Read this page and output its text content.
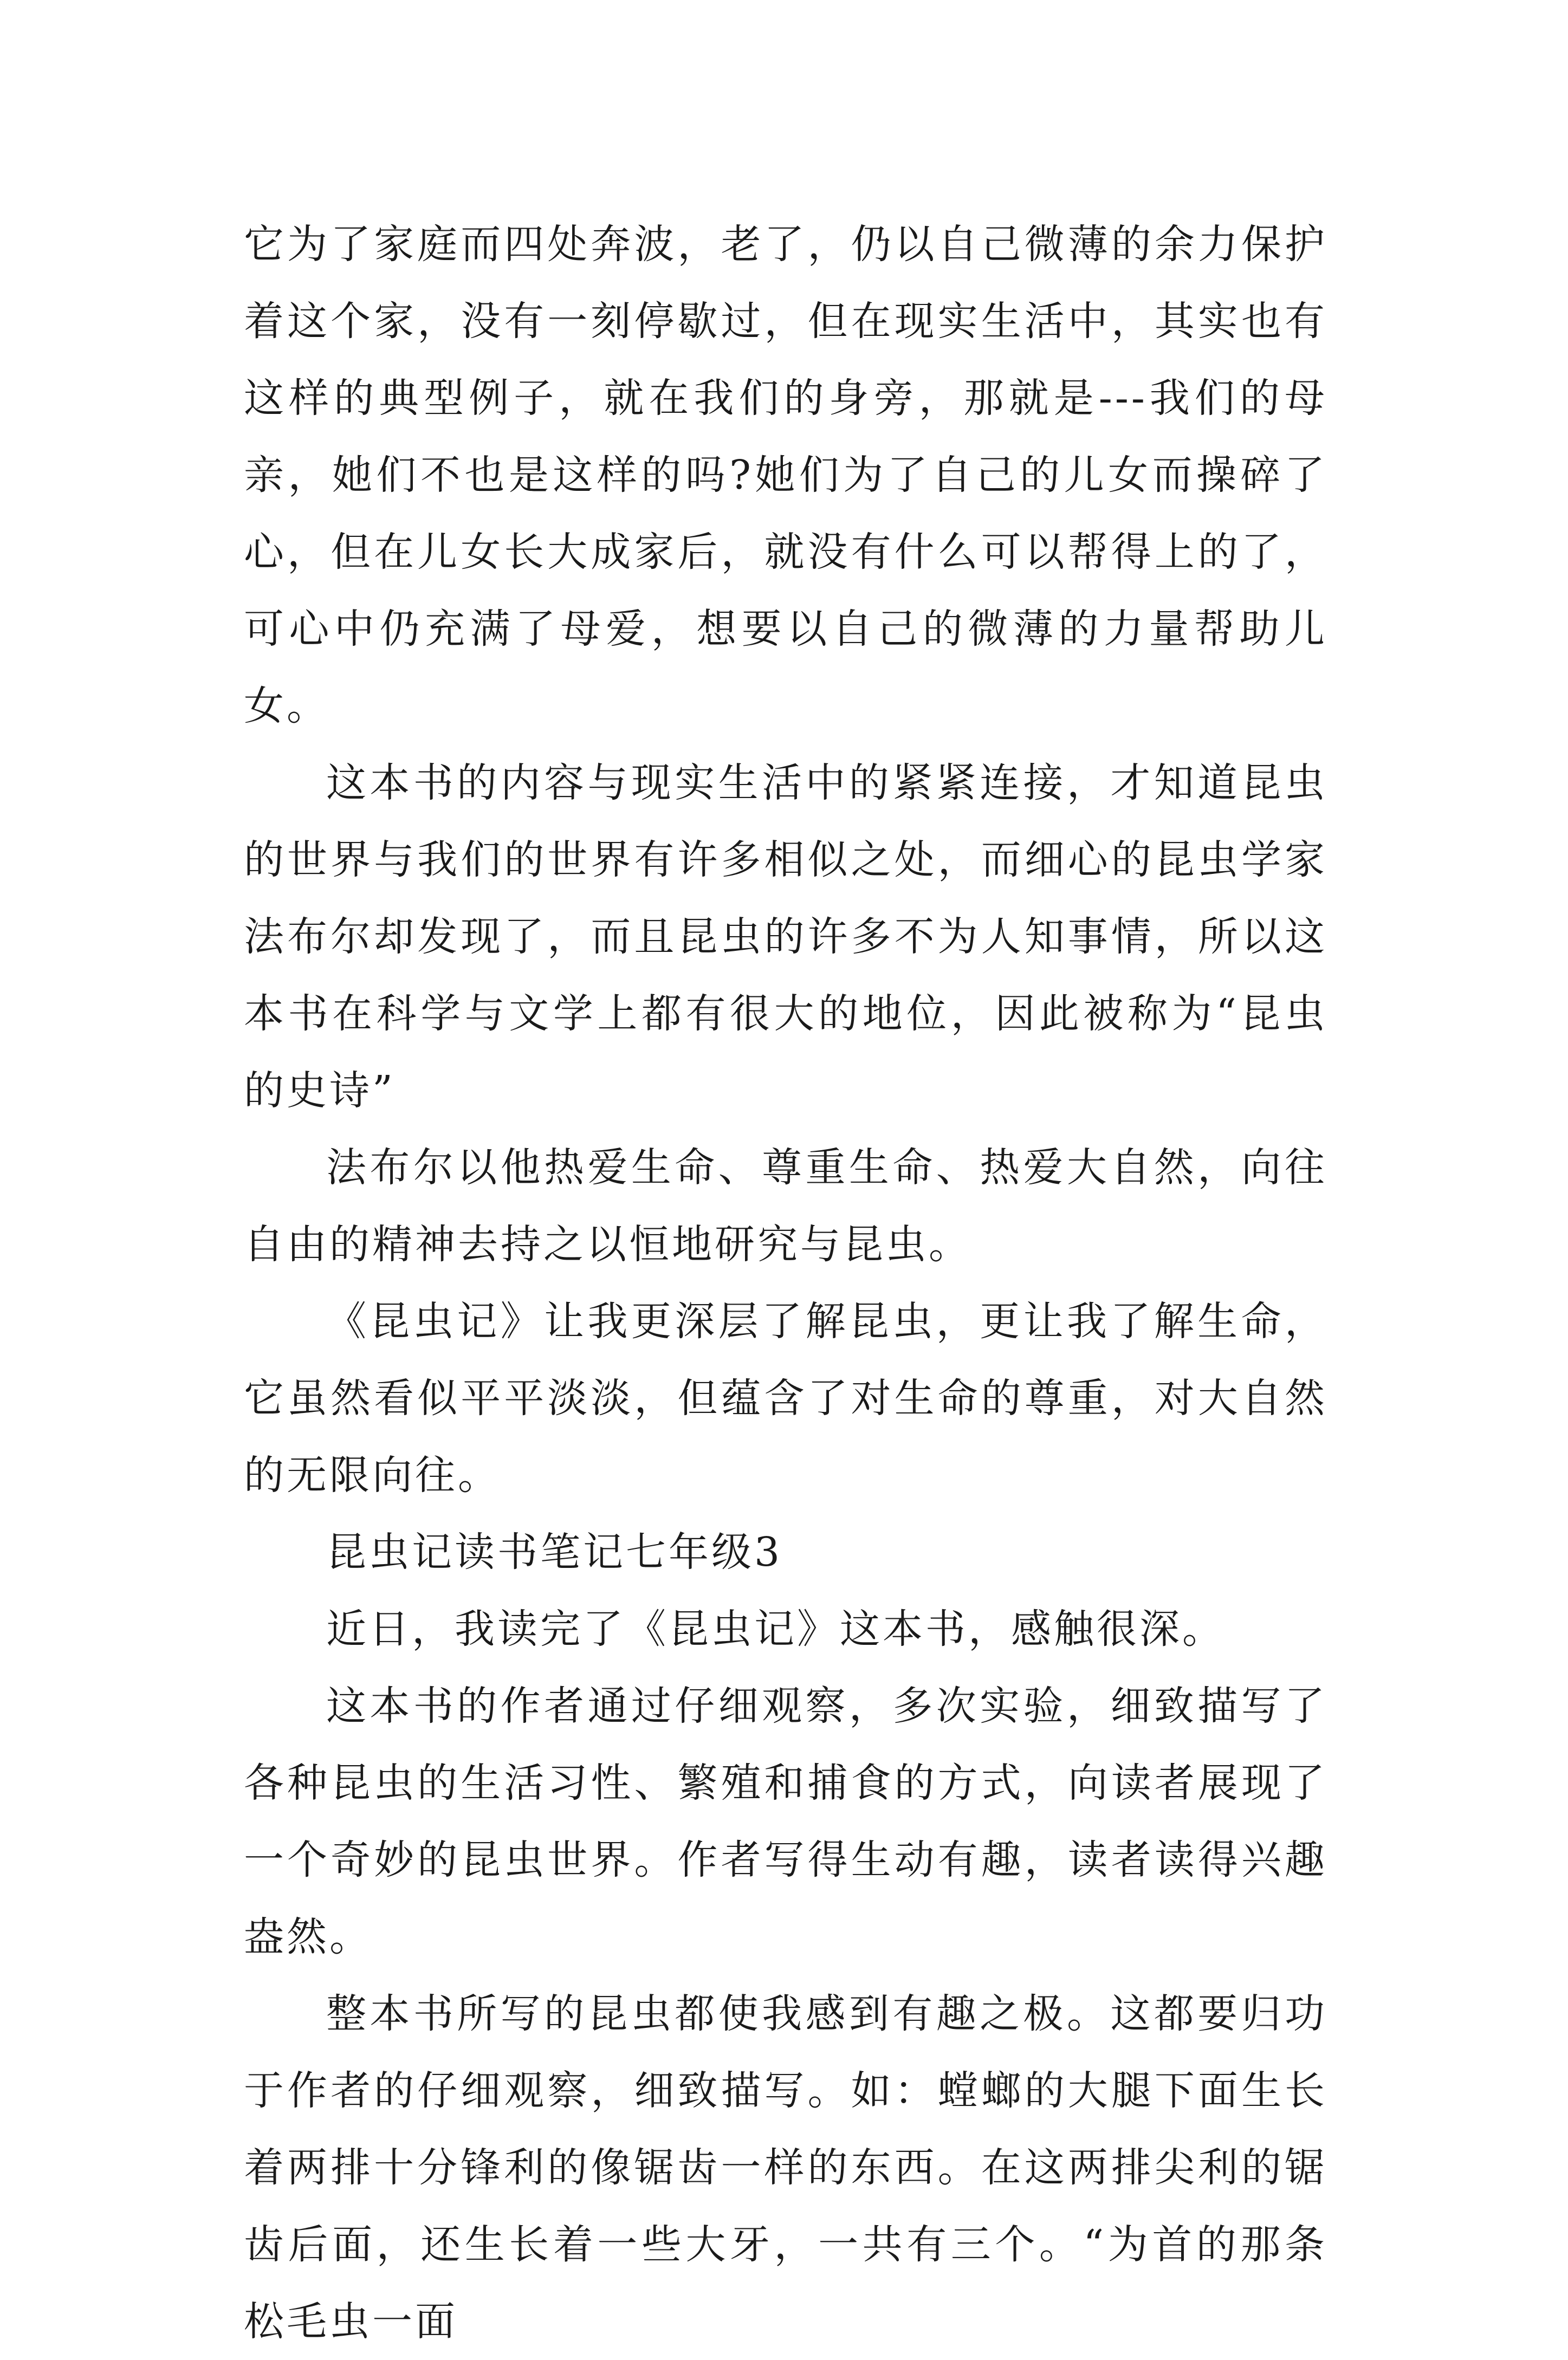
它为了家庭而四处奔波，老了，仍以自己微薄的余力保护着这个家，没有一刻停歇过，但在现实生活中，其实也有这样的典型例子，就在我们的身旁，那就是---我们的母亲，她们不也是这样的吗?她们为了自己的儿女而操碎了心，但在儿女长大成家后，就没有什么可以帮得上的了，可心中仍充满了母爱，想要以自己的微薄的力量帮助儿女。

这本书的内容与现实生活中的紧紧连接，才知道昆虫的世界与我们的世界有许多相似之处，而细心的昆虫学家法布尔却发现了，而且昆虫的许多不为人知事情，所以这本书在科学与文学上都有很大的地位，因此被称为“昆虫的史诗”

法布尔以他热爱生命、尊重生命、热爱大自然，向往自由的精神去持之以恒地研究与昆虫。

《昆虫记》让我更深层了解昆虫，更让我了解生命，它虽然看似平平淡淡，但蕴含了对生命的尊重，对大自然的无限向往。

昆虫记读书笔记七年级3

近日，我读完了《昆虫记》这本书，感触很深。

这本书的作者通过仔细观察，多次实验，细致描写了各种昆虫的生活习性、繁殖和捕食的方式，向读者展现了一个奇妙的昆虫世界。作者写得生动有趣，读者读得兴趣盎然。

整本书所写的昆虫都使我感到有趣之极。这都要归功于作者的仔细观察，细致描写。如：螳螂的大腿下面生长着两排十分锋利的像锯齿一样的东西。在这两排尖利的锯齿后面，还生长着一些大牙，一共有三个。“为首的那条松毛虫一面
